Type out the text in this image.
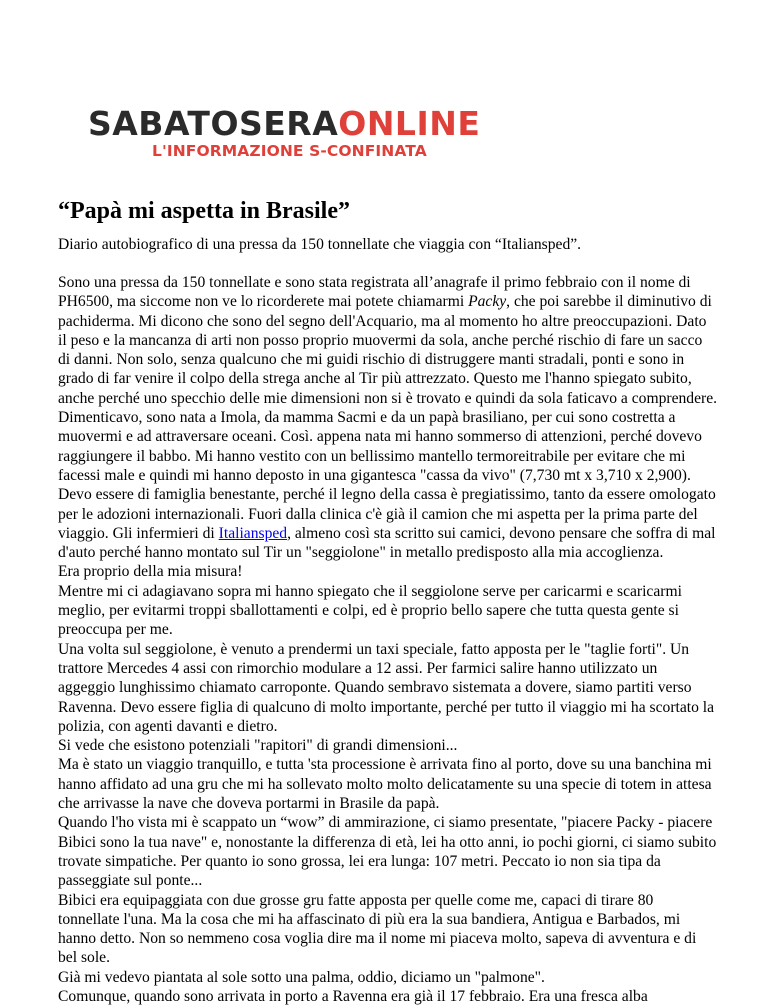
SABATOSERAONLINE
L'INFORMAZIONE S-CONFINATA
“Papà mi aspetta in Brasile”

Diario autobiografico di una pressa da 150 tonnellate che viaggia con “Italiansped”.

Sono una pressa da 150 tonnellate e sono stata registrata all’anagrafe il primo febbraio con il nome di PH6500, ma siccome non ve lo ricorderete mai potete chiamarmi Packy, che poi sarebbe il diminutivo di pachiderma. Mi dicono che sono del segno dell'Acquario, ma al momento ho altre preoccupazioni. Dato il peso e la mancanza di arti non posso proprio muovermi da sola, anche perché rischio di fare un sacco di danni. Non solo, senza qualcuno che mi guidi rischio di distruggere manti stradali, ponti e sono in grado di far venire il colpo della strega anche al Tir più attrezzato. Questo me l'hanno spiegato subito, anche perché uno specchio delle mie dimensioni non si è trovato e quindi da sola faticavo a comprendere.

Dimenticavo, sono nata a Imola, da mamma Sacmi e da un papà brasiliano, per cui sono costretta a muovermi e ad attraversare oceani. Così. appena nata mi hanno sommerso di attenzioni, perché dovevo raggiungere il babbo. Mi hanno vestito con un bellissimo mantello termoreitrabile per evitare che mi facessi male e quindi mi hanno deposto in una gigantesca "cassa da vivo" (7,730 mt x 3,710 x 2,900). Devo essere di famiglia benestante, perché il legno della cassa è pregiatissimo, tanto da essere omologato per le adozioni internazionali. Fuori dalla clinica c'è già il camion che mi aspetta per la prima parte del viaggio. Gli infermieri di Italiansped, almeno così sta scritto sui camici, devono pensare che soffra di mal d'auto perché hanno montato sul Tir un "seggiolone" in metallo predisposto alla mia accoglienza.

Era proprio della mia misura!

Mentre mi ci adagiavano sopra mi hanno spiegato che il seggiolone serve per caricarmi e scaricarmi meglio, per evitarmi troppi sballottamenti e colpi, ed è proprio bello sapere che tutta questa gente si preoccupa per me.

Una volta sul seggiolone, è venuto a prendermi un taxi speciale, fatto apposta per le "taglie forti". Un trattore Mercedes 4 assi con rimorchio modulare a 12 assi. Per farmici salire hanno utilizzato un aggeggio lunghissimo chiamato carroponte. Quando sembravo sistemata a dovere, siamo partiti verso Ravenna. Devo essere figlia di qualcuno di molto importante, perché per tutto il viaggio mi ha scortato la polizia, con agenti davanti e dietro.

Si vede che esistono potenziali "rapitori" di grandi dimensioni...

Ma è stato un viaggio tranquillo, e tutta 'sta processione è arrivata fino al porto, dove su una banchina mi hanno affidato ad una gru che mi ha sollevato molto molto delicatamente su una specie di totem in attesa che arrivasse la nave che doveva portarmi in Brasile da papà.

Quando l'ho vista mi è scappato un “wow” di ammirazione, ci siamo presentate, "piacere Packy - piacere Bibici sono la tua nave" e, nonostante la differenza di età, lei ha otto anni, io pochi giorni, ci siamo subito trovate simpatiche. Per quanto io sono grossa, lei era lunga: 107 metri. Peccato io non sia tipa da passeggiate sul ponte...

Bibici era equipaggiata con due grosse gru fatte apposta per quelle come me, capaci di tirare 80 tonnellate l'una. Ma la cosa che mi ha affascinato di più era la sua bandiera, Antigua e Barbados, mi hanno detto. Non so nemmeno cosa voglia dire ma il nome mi piaceva molto, sapeva di avventura e di bel sole.

Già mi vedevo piantata al sole sotto una palma, oddio, diciamo un "palmone".

Comunque, quando sono arrivata in porto a Ravenna era già il 17 febbraio. Era una fresca alba
